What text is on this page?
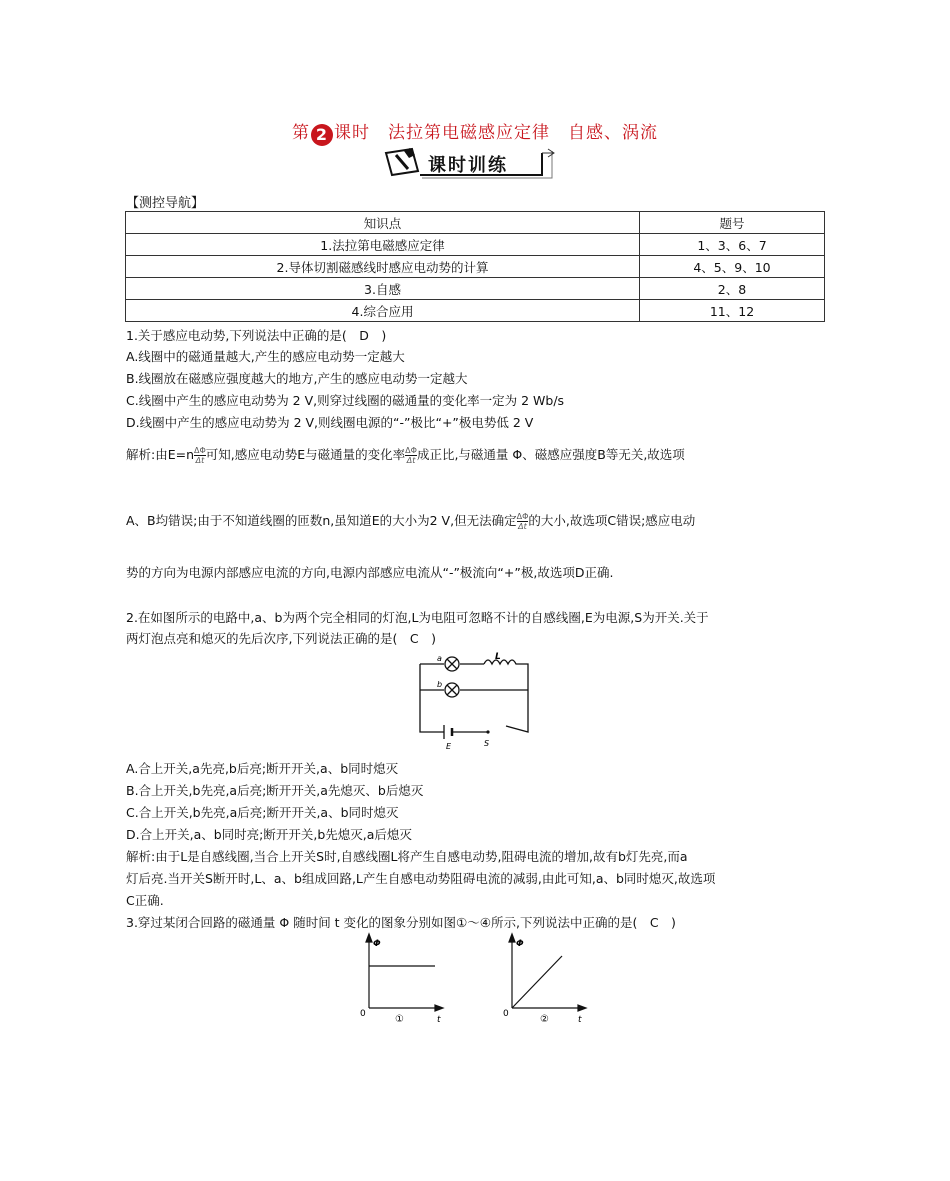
第 2 课时　法拉第电磁感应定律　自感、涡流
课时训练
【测控导航】
知识点	题号
1.法拉第电磁感应定律	1、3、6、7
2.导体切割磁感线时感应电动势的计算	4、5、9、10
3.自感	2、8
4.综合应用	11、12
1.关于感应电动势,下列说法中正确的是(　D　)
A.线圈中的磁通量越大,产生的感应电动势一定越大
B.线圈放在磁感应强度越大的地方,产生的感应电动势一定越大
C.线圈中产生的感应电动势为 2 V,则穿过线圈的磁通量的变化率一定为 2 Wb/s
D.线圈中产生的感应电动势为 2 V,则线圈电源的“-”极比“+”极电势低 2 V
解析:由$E=n \frac{\Delta\Phi}{\Delta t}$ 可知,感应电动势E与磁通量的变化率 $\frac{\Delta\Phi}{\Delta t}$ 成正比,与磁通量 Φ、磁感应强度B等无关,故选项
A、B均错误;由于不知道线圈的匝数n,虽知道E的大小为2 V,但无法确定 $\frac{\Delta\Phi}{\Delta t}$ 的大小,故选项C错误;感应电动
势的方向为电源内部感应电流的方向,电源内部感应电流从“-”极流向“+”极,故选项D正确.
2.在如图所示的电路中,a、b为两个完全相同的灯泡,L为电阻可忽略不计的自感线圈,E为电源,S为开关.关于
两灯泡点亮和熄灭的先后次序,下列说法正确的是(　C　)
a
b
L
E	S
A.合上开关,a先亮,b后亮;断开开关,a、b同时熄灭
B.合上开关,b先亮,a后亮;断开开关,a先熄灭、b后熄灭
C.合上开关,b先亮,a后亮;断开开关,a、b同时熄灭
D.合上开关,a、b同时亮;断开开关,b先熄灭,a后熄灭
解析:由于L是自感线圈,当合上开关S时,自感线圈L将产生自感电动势,阻碍电流的增加,故有b灯先亮,而a
灯后亮.当开关S断开时,L、a、b组成回路,L产生自感电动势阻碍电流的减弱,由此可知,a、b同时熄灭,故选项
C正确.
3.穿过某闭合回路的磁通量 Φ 随时间 t 变化的图象分别如图①～④所示,下列说法中正确的是(　C　)
Φ
t
0	①
Φ
t
0	②
